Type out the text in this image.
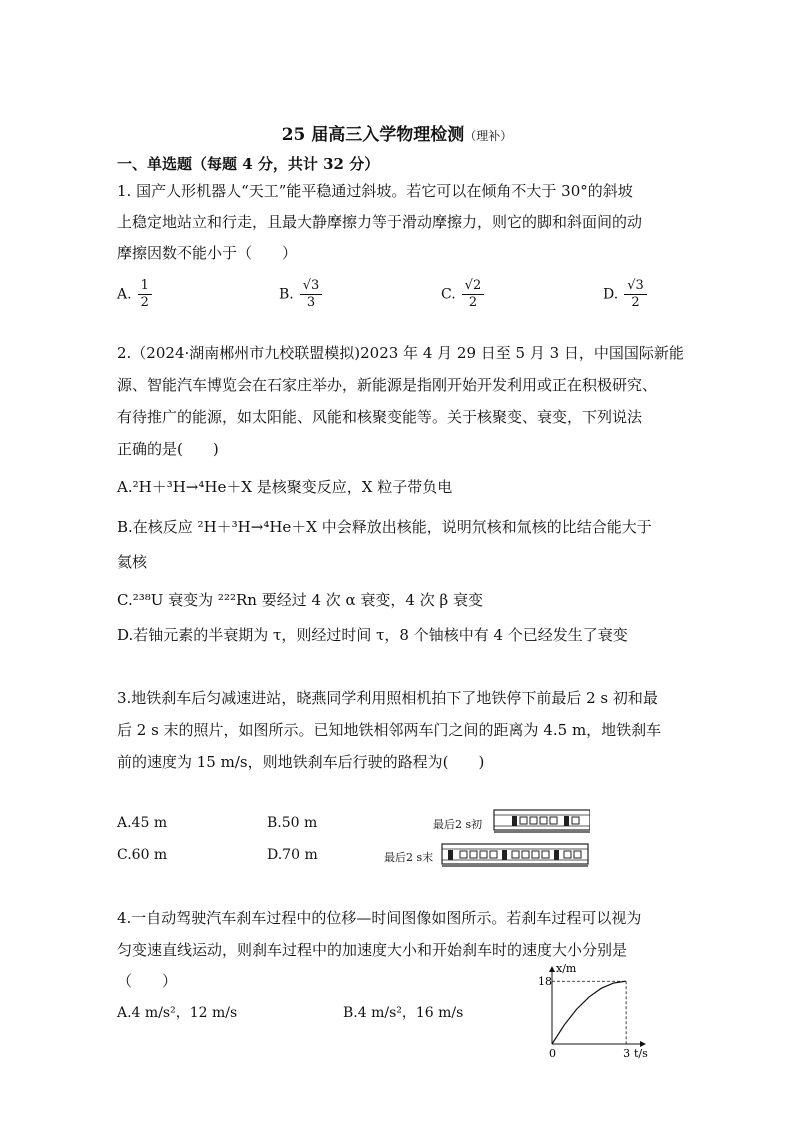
25 届高三入学物理检测（理补）
一、单选题（每题 4 分，共计 32 分）
1. 国产人形机器人“天工”能平稳通过斜坡。若它可以在倾角不大于 30°的斜坡
上稳定地站立和行走，且最大静摩擦力等于滑动摩擦力，则它的脚和斜面间的动
摩擦因数不能小于（　　）
A. $\frac{1}{2}$	B. $\frac{√3}{3}$	C. $\frac{√2}{2}$	D. $\frac{√3}{2}$
2.（2024·湖南郴州市九校联盟模拟)2023 年 4 月 29 日至 5 月 3 日，中国国际新能
源、智能汽车博览会在石家庄举办，新能源是指刚开始开发利用或正在积极研究、
有待推广的能源，如太阳能、风能和核聚变能等。关于核聚变、衰变，下列说法
正确的是(　　)
A.²H＋³H→⁴He＋X 是核聚变反应，X 粒子带负电
B.在核反应 ²H＋³H→⁴He＋X 中会释放出核能，说明氘核和氚核的比结合能大于
氦核
C.²³⁸U 衰变为 ²²²Rn 要经过 4 次 α 衰变，4 次 β 衰变
D.若铀元素的半衰期为 τ，则经过时间 τ，8 个铀核中有 4 个已经发生了衰变
3.地铁刹车后匀减速进站，晓燕同学利用照相机拍下了地铁停下前最后 2 s 初和最
后 2 s 末的照片，如图所示。已知地铁相邻两车门之间的距离为 4.5 m，地铁刹车
前的速度为 15 m/s，则地铁刹车后行驶的路程为(　　)
A.45 m	B.50 m
C.60 m	D.70 m
最后2 s初
最后2 s末
4.一自动驾驶汽车刹车过程中的位移—时间图像如图所示。若刹车过程可以视为
匀变速直线运动，则刹车过程中的加速度大小和开始刹车时的速度大小分别是
（　　）
A.4 m/s²，12 m/s	B.4 m/s²，16 m/s
x/m
t/s
18
0	3
